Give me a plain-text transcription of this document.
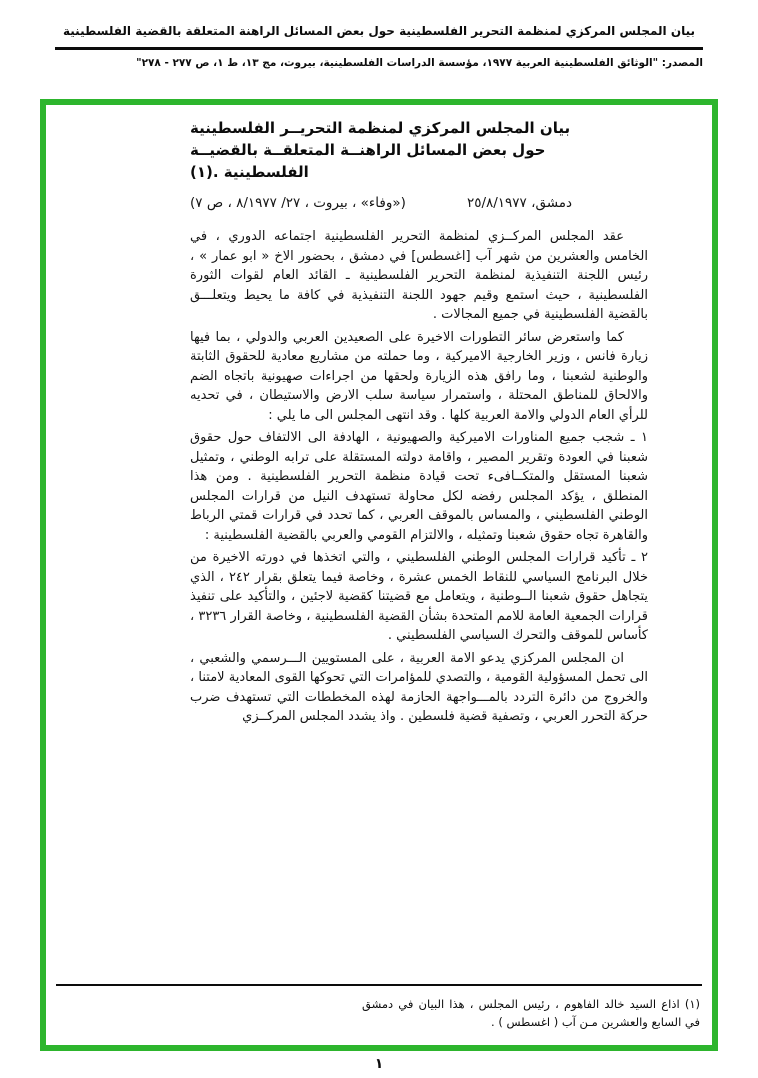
بيان المجلس المركزي لمنظمة التحرير الفلسطينية حول بعض المسائل الراهنة المتعلقة بالقضية الفلسطينية
المصدر: "الوثائق الفلسطينية العربية ١٩٧٧، مؤسسة الدراسات الفلسطينية، بيروت، مج ١٣، ط ١، ص ٢٧٧ - ٢٧٨"
بيان المجلس المركزي لمنظمة التحريــر الفلسطينية
حول بعض المسائل الراهنــة المتعلقــة بالقضيــة
الفلسطينية .(١)
دمشق، ٢٥/٨/١٩٧٧
(«وفاء» ، بيروت ، ٢٧/ ٨/١٩٧٧ ، ص ٧)

عقد المجلس المركــزي لمنظمة التحرير الفلسطينية اجتماعه الدوري ، في الخامس والعشرين من شهر آب [اغسطس] في دمشق ، بحضور الاخ « ابو عمار » ، رئيس اللجنة التنفيذية لمنظمة التحرير الفلسطينية ـ القائد العام لقوات الثورة الفلسطينية ، حيث استمع وقيم جهود اللجنة التنفيذية في كافة ما يحيط ويتعلـــق بالقضية الفلسطينية في جميع المجالات .

كما واستعرض سائر التطورات الاخيرة على الصعيدين العربي والدولي ، بما فيها زيارة فانس ، وزير الخارجية الاميركية ، وما حملته من مشاريع معادية للحقوق الثابتة والوطنية لشعبنا ، وما رافق هذه الزيارة ولحقها من اجراءات صهيونية باتجاه الضم والالحاق للمناطق المحتلة ، واستمرار سياسة سلب الارض والاستيطان ، في تحديه للرأي العام الدولي والامة العربية كلها . وقد انتهى المجلس الى ما يلي :

١ ـ شجب جميع المناورات الاميركية والصهيونية ، الهادفة الى الالتفاف حول حقوق شعبنا في العودة وتقرير المصير ، واقامة دولته المستقلة على ترابه الوطني ، وتمثيل شعبنا المستقل والمتكــافىء تحت قيادة منظمة التحرير الفلسطينية . ومن هذا المنطلق ، يؤكد المجلس رفضه لكل محاولة تستهدف النيل من قرارات المجلس الوطني الفلسطيني ، والمساس بالموقف العربي ، كما تحدد في قرارات قمتي الرباط والقاهرة تجاه حقوق شعبنا وتمثيله ، والالتزام القومي والعربي بالقضية الفلسطينية :

٢ ـ تأكيد قرارات المجلس الوطني الفلسطيني ، والتي اتخذها في دورته الاخيرة من خلال البرنامج السياسي للنقاط الخمس عشرة ، وخاصة فيما يتعلق بقرار ٢٤٢ ، الذي يتجاهل حقوق شعبنا الــوطنية ، ويتعامل مع قضيتنا كقضية لاجئين ، والتأكيد على تنفيذ قرارات الجمعية العامة للامم المتحدة بشأن القضية الفلسطينية ، وخاصة القرار ٣٢٣٦ ، كأساس للموقف والتحرك السياسي الفلسطيني .

ان المجلس المركزي يدعو الامة العربية ، على المستويين الـــرسمي والشعبي ، الى تحمل المسؤولية القومية ، والتصدي للمؤامرات التي تحوكها القوى المعادية لامتنا ، والخروج من دائرة التردد بالمـــواجهة الحازمة لهذه المخططات التي تستهدف ضرب حركة التحرر العربي ، وتصفية قضية فلسطين . واذ يشدد المجلس المركــزي

(١) اذاع السيد خالد الفاهوم ، رئيس المجلس ، هذا البيان في دمشق في السابع والعشرين مـن آب ( اغسطس ) .
١
